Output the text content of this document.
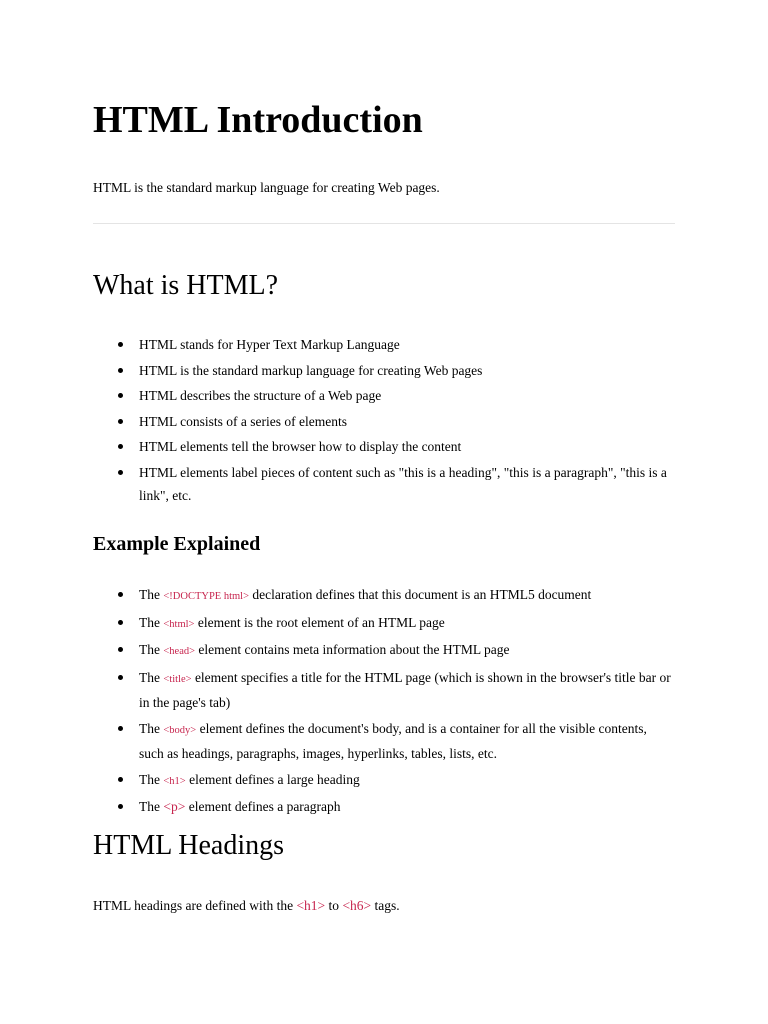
HTML Introduction

HTML is the standard markup language for creating Web pages.

What is HTML?
HTML stands for Hyper Text Markup Language
HTML is the standard markup language for creating Web pages
HTML describes the structure of a Web page
HTML consists of a series of elements
HTML elements tell the browser how to display the content
HTML elements label pieces of content such as "this is a heading", "this is a paragraph", "this is a link", etc.
Example Explained
The <!DOCTYPE html> declaration defines that this document is an HTML5 document
The <html> element is the root element of an HTML page
The <head> element contains meta information about the HTML page
The <title> element specifies a title for the HTML page (which is shown in the browser's title bar or in the page's tab)
The <body> element defines the document's body, and is a container for all the visible contents, such as headings, paragraphs, images, hyperlinks, tables, lists, etc.
The <h1> element defines a large heading
The <p> element defines a paragraph
HTML Headings

HTML headings are defined with the <h1> to <h6> tags.
